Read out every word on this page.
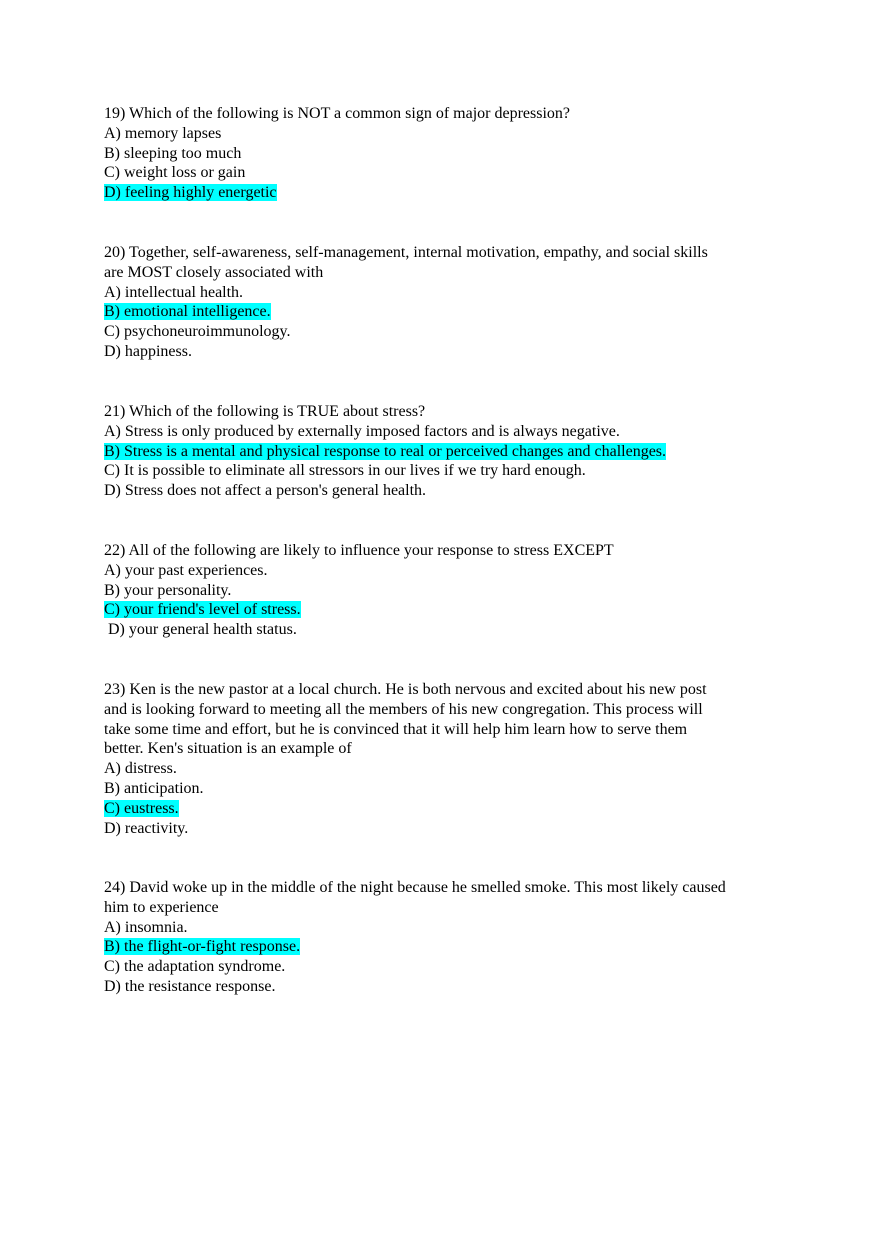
19) Which of the following is NOT a common sign of major depression?
A) memory lapses
B) sleeping too much
C) weight loss or gain
D) feeling highly energetic
20) Together, self-awareness, self-management, internal motivation, empathy, and social skills
are MOST closely associated with
A) intellectual health.
B) emotional intelligence.
C) psychoneuroimmunology.
D) happiness.
21) Which of the following is TRUE about stress?
A) Stress is only produced by externally imposed factors and is always negative.
B) Stress is a mental and physical response to real or perceived changes and challenges.
C) It is possible to eliminate all stressors in our lives if we try hard enough.
D) Stress does not affect a person's general health.
22) All of the following are likely to influence your response to stress EXCEPT
A) your past experiences.
B) your personality.
C) your friend's level of stress.
D) your general health status.
23) Ken is the new pastor at a local church. He is both nervous and excited about his new post
and is looking forward to meeting all the members of his new congregation. This process will
take some time and effort, but he is convinced that it will help him learn how to serve them
better. Ken's situation is an example of
A) distress.
B) anticipation.
C) eustress.
D) reactivity.
24) David woke up in the middle of the night because he smelled smoke. This most likely caused
him to experience
A) insomnia.
B) the flight-or-fight response.
C) the adaptation syndrome.
D) the resistance response.
